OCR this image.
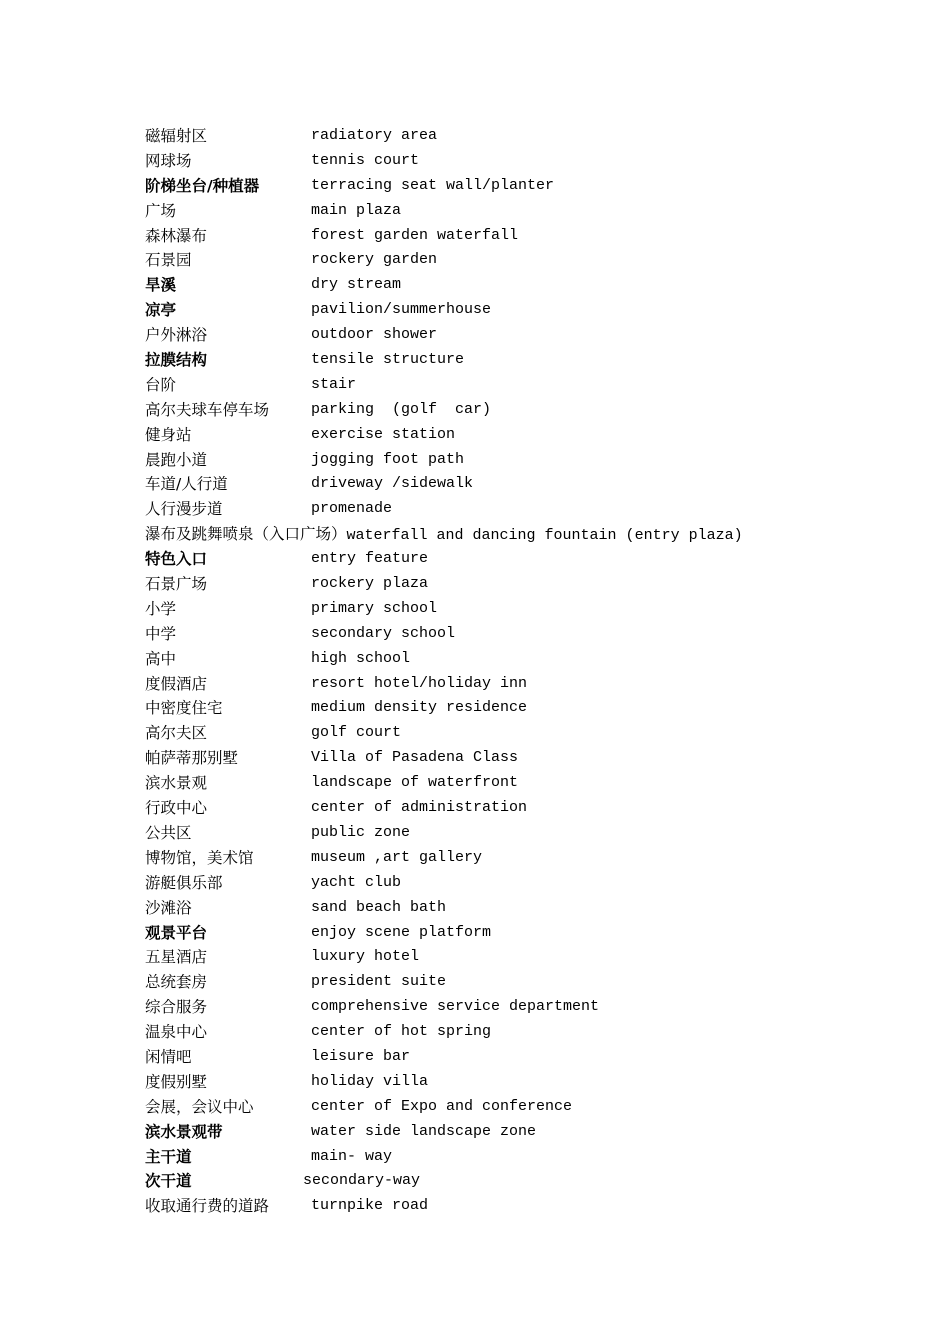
磁辐射区	radiatory area
网球场	tennis court
阶梯坐台/种植器	terracing seat wall/planter
广场	main plaza
森林瀑布	forest garden waterfall
石景园	rockery garden
旱溪	dry stream
凉亭	pavilion/summerhouse
户外淋浴	outdoor shower
拉膜结构	tensile structure
台阶	stair
高尔夫球车停车场	parking  (golf  car)
健身站	exercise station
晨跑小道	jogging foot path
车道/人行道	driveway /sidewalk
人行漫步道	promenade
瀑布及跳舞喷泉（入口广场）waterfall and dancing fountain (entry plaza)
特色入口	entry feature
石景广场	rockery plaza
小学	primary school
中学	secondary school
高中	high school
度假酒店	resort hotel/holiday inn
中密度住宅	medium density residence
高尔夫区	golf court
帕萨蒂那别墅	Villa of Pasadena Class
滨水景观	landscape of waterfront
行政中心	center of administration
公共区	public zone
博物馆，美术馆	museum ,art gallery
游艇俱乐部	yacht club
沙滩浴	sand beach bath
观景平台	enjoy scene platform
五星酒店	luxury hotel
总统套房	president suite
综合服务	comprehensive service department
温泉中心	center of hot spring
闲情吧	leisure bar
度假别墅	holiday villa
会展，会议中心	center of Expo and conference
滨水景观带	water side landscape zone
主干道	main- way
次干道	secondary-way
收取通行费的道路	turnpike road
